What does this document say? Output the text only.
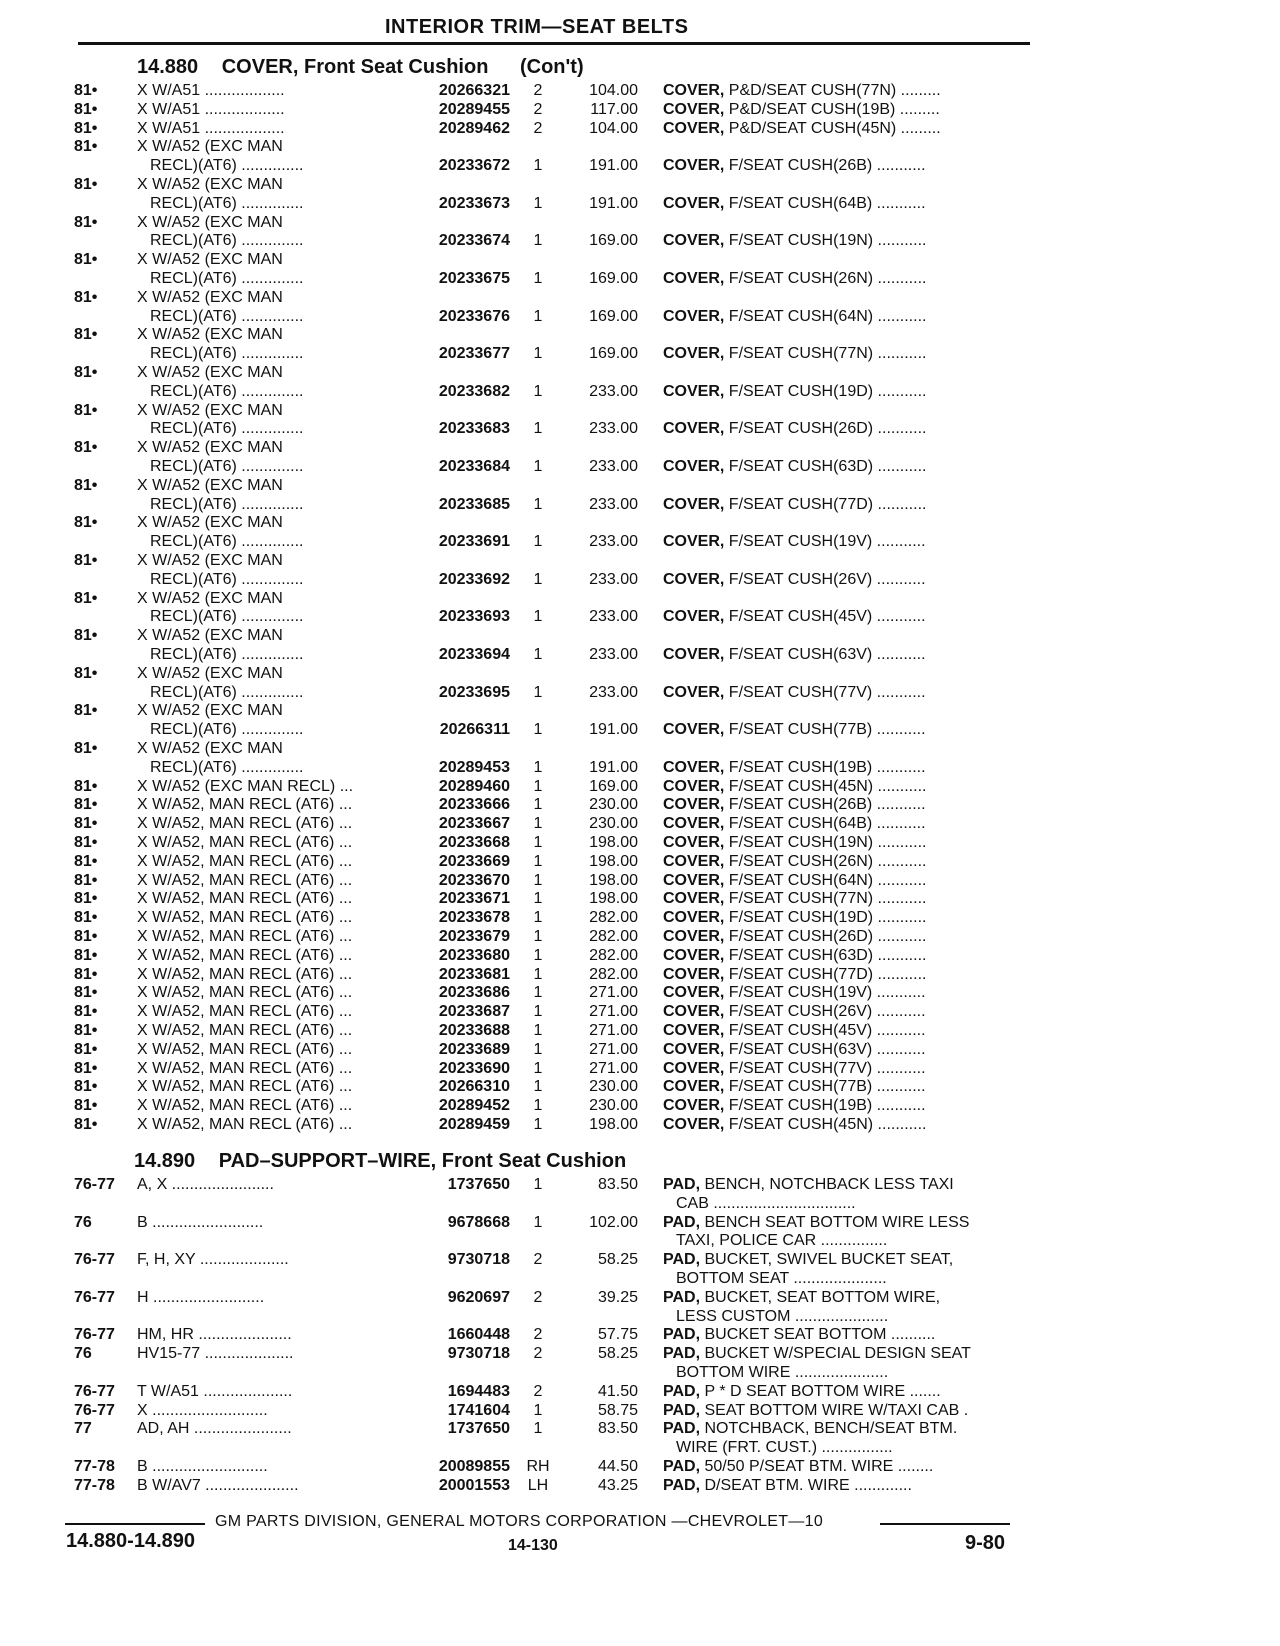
INTERIOR TRIM—SEAT BELTS
14.880 COVER, Front Seat Cushion (Con't)
14.890 PAD–SUPPORT–WIRE, Front Seat Cushion
81• X W/A51 ..................	20266321	2	104.00 COVER, P&D/SEAT CUSH(77N) .........
81• X W/A51 ..................	20289455	2	117.00 COVER, P&D/SEAT CUSH(19B) .........
81• X W/A51 ..................	20289462	2	104.00 COVER, P&D/SEAT CUSH(45N) .........
81• X W/A52 (EXC MAN
RECL)(AT6) ..............	20233672	1	191.00 COVER, F/SEAT CUSH(26B) ...........
81• X W/A52 (EXC MAN
RECL)(AT6) ..............	20233673	1	191.00 COVER, F/SEAT CUSH(64B) ...........
81• X W/A52 (EXC MAN
RECL)(AT6) ..............	20233674	1	169.00 COVER, F/SEAT CUSH(19N) ...........
81• X W/A52 (EXC MAN
RECL)(AT6) ..............	20233675	1	169.00 COVER, F/SEAT CUSH(26N) ...........
81• X W/A52 (EXC MAN
RECL)(AT6) ..............	20233676	1	169.00 COVER, F/SEAT CUSH(64N) ...........
81• X W/A52 (EXC MAN
RECL)(AT6) ..............	20233677	1	169.00 COVER, F/SEAT CUSH(77N) ...........
81• X W/A52 (EXC MAN
RECL)(AT6) ..............	20233682	1	233.00 COVER, F/SEAT CUSH(19D) ...........
81• X W/A52 (EXC MAN
RECL)(AT6) ..............	20233683	1	233.00 COVER, F/SEAT CUSH(26D) ...........
81• X W/A52 (EXC MAN
RECL)(AT6) ..............	20233684	1	233.00 COVER, F/SEAT CUSH(63D) ...........
81• X W/A52 (EXC MAN
RECL)(AT6) ..............	20233685	1	233.00 COVER, F/SEAT CUSH(77D) ...........
81• X W/A52 (EXC MAN
RECL)(AT6) ..............	20233691	1	233.00 COVER, F/SEAT CUSH(19V) ...........
81• X W/A52 (EXC MAN
RECL)(AT6) ..............	20233692	1	233.00 COVER, F/SEAT CUSH(26V) ...........
81• X W/A52 (EXC MAN
RECL)(AT6) ..............	20233693	1	233.00 COVER, F/SEAT CUSH(45V) ...........
81• X W/A52 (EXC MAN
RECL)(AT6) ..............	20233694	1	233.00 COVER, F/SEAT CUSH(63V) ...........
81• X W/A52 (EXC MAN
RECL)(AT6) ..............	20233695	1	233.00 COVER, F/SEAT CUSH(77V) ...........
81• X W/A52 (EXC MAN
RECL)(AT6) ..............	20266311	1	191.00 COVER, F/SEAT CUSH(77B) ...........
81• X W/A52 (EXC MAN
RECL)(AT6) ..............	20289453	1	191.00 COVER, F/SEAT CUSH(19B) ...........
81• X W/A52 (EXC MAN RECL) ...	20289460	1	169.00 COVER, F/SEAT CUSH(45N) ...........
81• X W/A52, MAN RECL (AT6) ...	20233666	1	230.00 COVER, F/SEAT CUSH(26B) ...........
81• X W/A52, MAN RECL (AT6) ...	20233667	1	230.00 COVER, F/SEAT CUSH(64B) ...........
81• X W/A52, MAN RECL (AT6) ...	20233668	1	198.00 COVER, F/SEAT CUSH(19N) ...........
81• X W/A52, MAN RECL (AT6) ...	20233669	1	198.00 COVER, F/SEAT CUSH(26N) ...........
81• X W/A52, MAN RECL (AT6) ...	20233670	1	198.00 COVER, F/SEAT CUSH(64N) ...........
81• X W/A52, MAN RECL (AT6) ...	20233671	1	198.00 COVER, F/SEAT CUSH(77N) ...........
81• X W/A52, MAN RECL (AT6) ...	20233678	1	282.00 COVER, F/SEAT CUSH(19D) ...........
81• X W/A52, MAN RECL (AT6) ...	20233679	1	282.00 COVER, F/SEAT CUSH(26D) ...........
81• X W/A52, MAN RECL (AT6) ...	20233680	1	282.00 COVER, F/SEAT CUSH(63D) ...........
81• X W/A52, MAN RECL (AT6) ...	20233681	1	282.00 COVER, F/SEAT CUSH(77D) ...........
81• X W/A52, MAN RECL (AT6) ...	20233686	1	271.00 COVER, F/SEAT CUSH(19V) ...........
81• X W/A52, MAN RECL (AT6) ...	20233687	1	271.00 COVER, F/SEAT CUSH(26V) ...........
81• X W/A52, MAN RECL (AT6) ...	20233688	1	271.00 COVER, F/SEAT CUSH(45V) ...........
81• X W/A52, MAN RECL (AT6) ...	20233689	1	271.00 COVER, F/SEAT CUSH(63V) ...........
81• X W/A52, MAN RECL (AT6) ...	20233690	1	271.00 COVER, F/SEAT CUSH(77V) ...........
81• X W/A52, MAN RECL (AT6) ...	20266310	1	230.00 COVER, F/SEAT CUSH(77B) ...........
81• X W/A52, MAN RECL (AT6) ...	20289452	1	230.00 COVER, F/SEAT CUSH(19B) ...........
81• X W/A52, MAN RECL (AT6) ...	20289459	1	198.00 COVER, F/SEAT CUSH(45N) ...........
76-77 A, X .......................	1737650	1	83.50 PAD, BENCH, NOTCHBACK LESS TAXI
CAB ................................
76	B .........................	9678668	1	102.00 PAD, BENCH SEAT BOTTOM WIRE LESS
TAXI, POLICE CAR ...............
76-77 F, H, XY ....................	9730718	2	58.25 PAD, BUCKET, SWIVEL BUCKET SEAT,
BOTTOM SEAT .....................
76-77 H .........................	9620697	2	39.25 PAD, BUCKET, SEAT BOTTOM WIRE,
LESS CUSTOM .....................
76-77 HM, HR .....................	1660448	2	57.75 PAD, BUCKET SEAT BOTTOM ..........
76	HV15-77 ....................	9730718	2	58.25 PAD, BUCKET W/SPECIAL DESIGN SEAT
BOTTOM WIRE .....................
76-77 T W/A51 ....................	1694483	2	41.50 PAD, P * D SEAT BOTTOM WIRE .......
76-77 X ..........................	1741604	1	58.75 PAD, SEAT BOTTOM WIRE W/TAXI CAB .
77	AD, AH ......................	1737650	1	83.50 PAD, NOTCHBACK, BENCH/SEAT BTM.
WIRE (FRT. CUST.) ................
77-78 B ..........................	20089855 RH	44.50 PAD, 50/50 P/SEAT BTM. WIRE ........
77-78 B W/AV7 .....................	20001553 LH	43.25 PAD, D/SEAT BTM. WIRE .............
GM PARTS DIVISION, GENERAL MOTORS CORPORATION —CHEVROLET—10
14.880-14.890	14-130	9-80
